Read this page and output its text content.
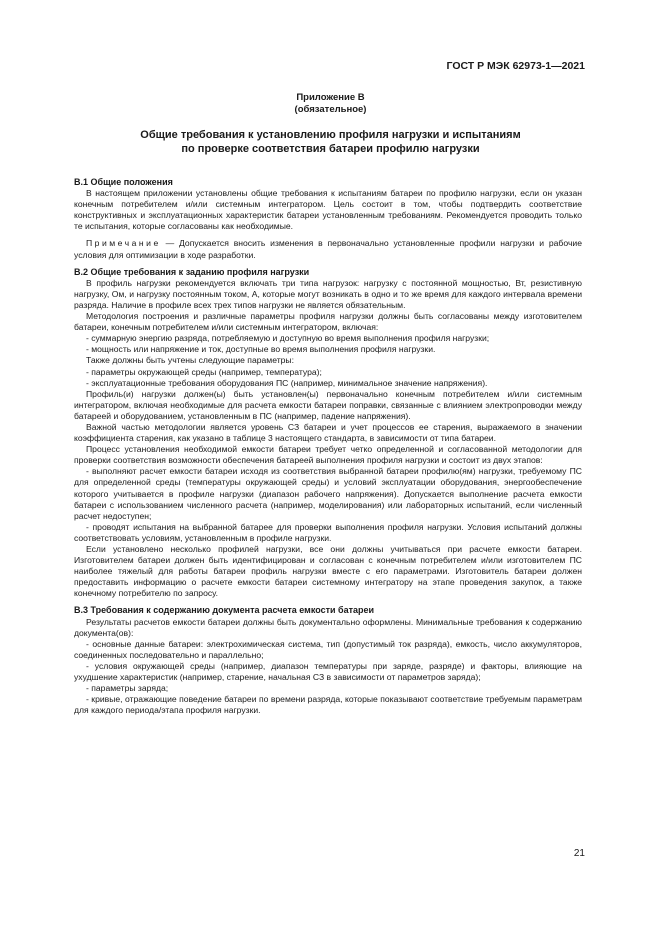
ГОСТ Р МЭК 62973-1—2021
Приложение В
(обязательное)
Общие требования к установлению профиля нагрузки и испытаниям
по проверке соответствия батареи профилю нагрузки
В.1 Общие положения

В настоящем приложении установлены общие требования к испытаниям батареи по профилю нагрузки, если он указан конечным потребителем и/или системным интегратором. Цель состоит в том, чтобы подтвердить соответствие конструктивных и эксплуатационных характеристик батареи установленным требованиям. Рекомендуется проводить только те испытания, которые согласованы как необходимые.

Примечание — Допускается вносить изменения в первоначально установленные профили нагрузки и рабочие условия для оптимизации в ходе разработки.

В.2 Общие требования к заданию профиля нагрузки

В профиль нагрузки рекомендуется включать три типа нагрузок: нагрузку с постоянной мощностью, Вт, резистивную нагрузку, Ом, и нагрузку постоянным током, А, которые могут возникать в одно и то же время для каждого интервала времени разряда. Наличие в профиле всех трех типов нагрузки не является обязательным.

Методология построения и различные параметры профиля нагрузки должны быть согласованы между изготовителем батареи, конечным потребителем и/или системным интегратором, включая:

- суммарную энергию разряда, потребляемую и доступную во время выполнения профиля нагрузки;

- мощность или напряжение и ток, доступные во время выполнения профиля нагрузки.

Также должны быть учтены следующие параметры:

- параметры окружающей среды (например, температура);

- эксплуатационные требования оборудования ПС (например, минимальное значение напряжения).

Профиль(и) нагрузки должен(ы) быть установлен(ы) первоначально конечным потребителем и/или системным интегратором, включая необходимые для расчета емкости батареи поправки, связанные с влиянием электропроводки между батареей и оборудованием, установленным в ПС (например, падение напряжения).

Важной частью методологии является уровень СЗ батареи и учет процессов ее старения, выражаемого в значении коэффициента старения, как указано в таблице 3 настоящего стандарта, в зависимости от типа батареи.

Процесс установления необходимой емкости батареи требует четко определенной и согласованной методологии для проверки соответствия возможности обеспечения батареей выполнения профиля нагрузки и состоит из двух этапов:

- выполняют расчет емкости батареи исходя из соответствия выбранной батареи профилю(ям) нагрузки, требуемому ПС для определенной среды (температуры окружающей среды) и условий эксплуатации оборудования, энергообеспечение которого учитывается в профиле нагрузки (диапазон рабочего напряжения). Допускается выполнение расчета емкости батареи с использованием численного расчета (например, моделирования) или лабораторных испытаний, если численный расчет недоступен;

- проводят испытания на выбранной батарее для проверки выполнения профиля нагрузки. Условия испытаний должны соответствовать условиям, установленным в профиле нагрузки.

Если установлено несколько профилей нагрузки, все они должны учитываться при расчете емкости батареи. Изготовителем батареи должен быть идентифицирован и согласован с конечным потребителем и/или изготовителем ПС наиболее тяжелый для работы батареи профиль нагрузки вместе с его параметрами. Изготовитель батареи должен предоставить информацию о расчете емкости батареи системному интегратору на этапе проведения закупок, а также конечному потребителю по запросу.

В.3 Требования к содержанию документа расчета емкости батареи

Результаты расчетов емкости батареи должны быть документально оформлены. Минимальные требования к содержанию документа(ов):

- основные данные батареи: электрохимическая система, тип (допустимый ток разряда), емкость, число аккумуляторов, соединенных последовательно и параллельно;

- условия окружающей среды (например, диапазон температуры при заряде, разряде) и факторы, влияющие на ухудшение характеристик (например, старение, начальная СЗ в зависимости от параметров заряда);

- параметры заряда;

- кривые, отражающие поведение батареи по времени разряда, которые показывают соответствие требуемым параметрам для каждого периода/этапа профиля нагрузки.

21
